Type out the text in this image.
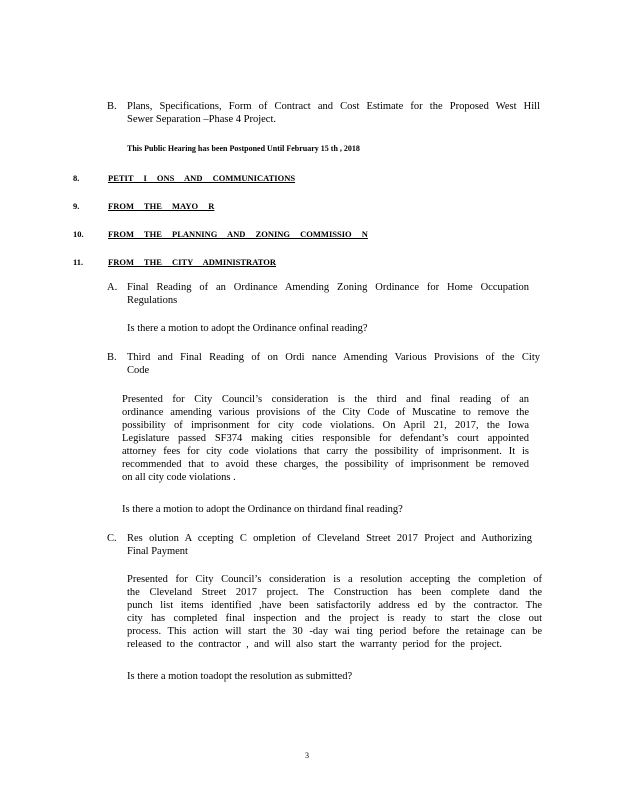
B. Plans, Specifications, Form of Contract and Cost Estimate for the Proposed West Hill
Sewer Separation –Phase 4 Project.
This Public Hearing has been Postponed Until February 15 th , 2018
8.	PETIT I ONS AND COMMUNICATIONS
9.	FROM THE MAYO R
10.	FROM THE PLANNING AND ZONING COMMISSIO N
11.	FROM THE CITY ADMINISTRATOR
A. Final Reading of an Ordinance Amending Zoning Ordinance for Home Occupation
Regulations
Is there a motion to adopt the Ordinance onfinal reading?
B. Third and Final Reading of on Ordi nance Amending Various Provisions of the City
Code
Presented for City Council’s consideration is the third and final reading of an
ordinance amending various provisions of the City Code of Muscatine to remove the
possibility of imprisonment for city code violations. On April 21, 2017, the Iowa
Legislature passed SF374 making cities responsible for defendant’s court appointed
attorney fees for city code violations that carry the possibility of imprisonment. It is
recommended that to avoid these charges, the possibility of imprisonment be removed
on all city code violations .
Is there a motion to adopt the Ordinance on thirdand final reading?
C. Res olution A ccepting C ompletion of Cleveland Street 2017 Project and Authorizing
Final Payment
Presented for City Council’s consideration is a resolution accepting the completion of
the Cleveland Street 2017 project. The Construction has been complete dand the
punch list items identified ,have been satisfactorily address ed by the contractor. The
city has completed final inspection and the project is ready to start the close out
process. This action will start the 30 -day wai ting period before the retainage can be
released to the contractor , and will also start the warranty period for the project.
Is there a motion toadopt the resolution as submitted?
3
